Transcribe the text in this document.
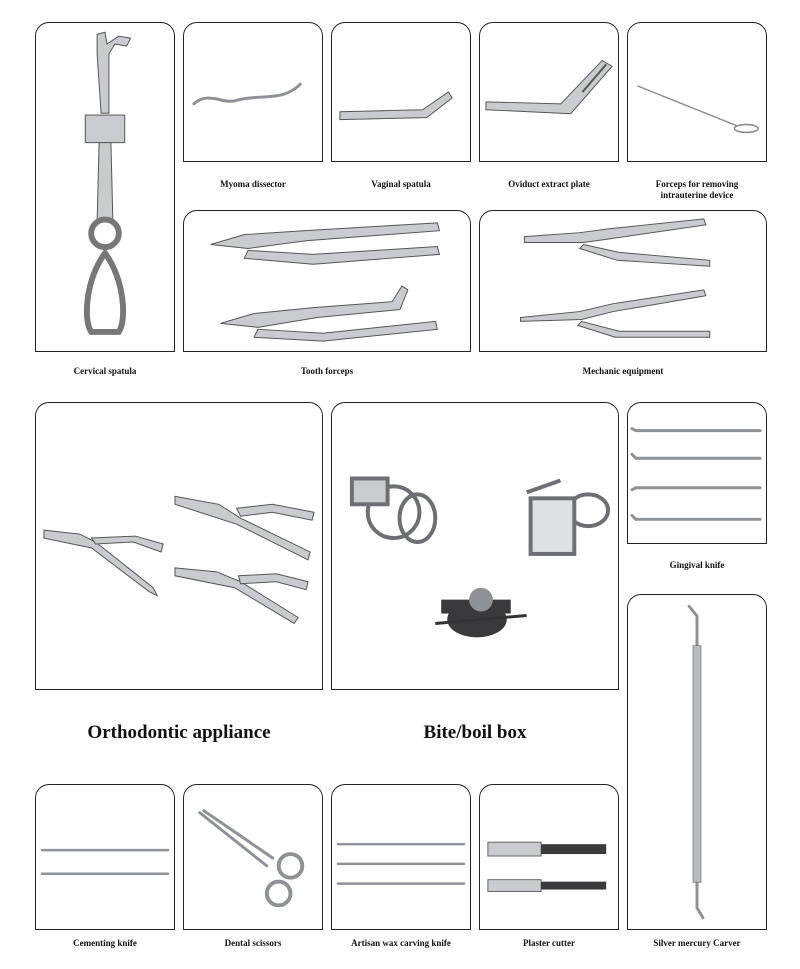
Cervical spatula
Myoma dissector	Vaginal spatula	Oviduct extract plate	Forceps for removing
intrauterine device
Tooth forceps	Mechanic equipment
Orthodontic appliance	Bite/boil box
Gingival knife
Silver mercury Carver
Cementing knife	Dental scissors	Artisan wax carving knife	Plaster cutter
